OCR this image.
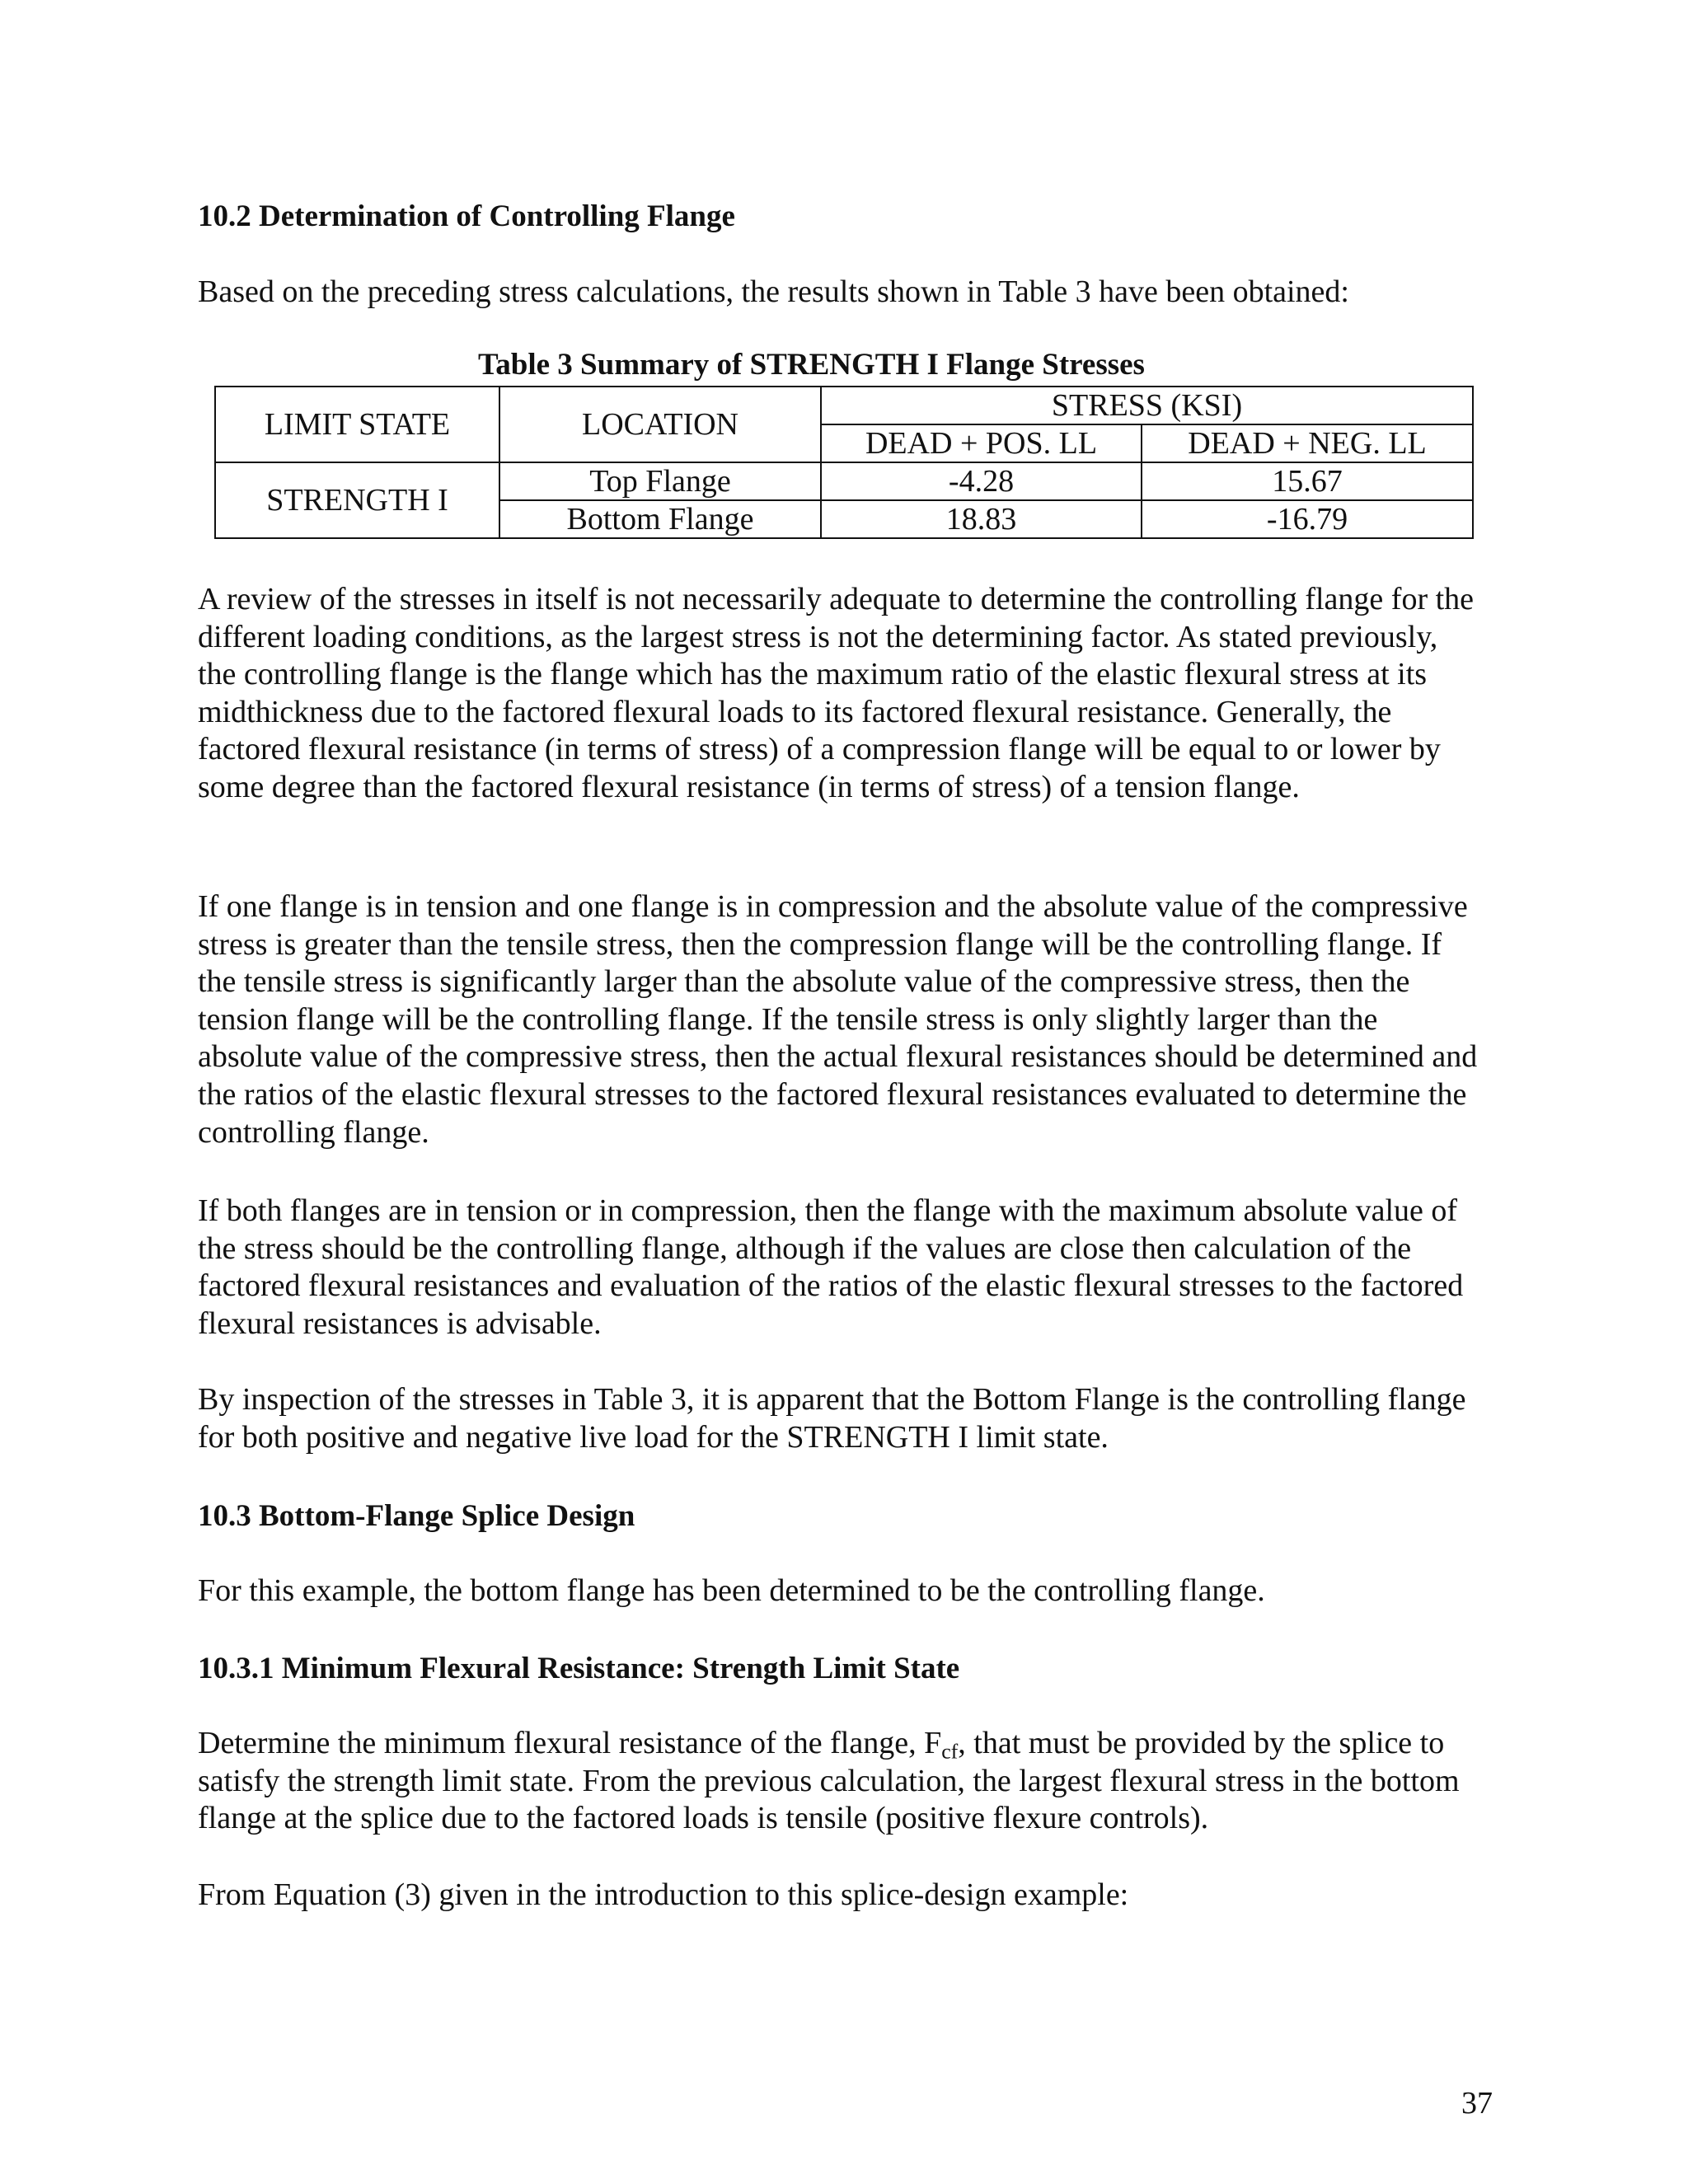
10.2 Determination of Controlling Flange

Based on the preceding stress calculations, the results shown in Table 3 have been obtained:

Table 3 Summary of STRENGTH I Flange Stresses
LIMIT STATE	LOCATION	STRESS (KSI)	
		DEAD + POS. LL	DEAD + NEG. LL
STRENGTH I	Top Flange	-4.28	15.67
	Bottom Flange	18.83	-16.79

A review of the stresses in itself is not necessarily adequate to determine the controlling flange for the different loading conditions, as the largest stress is not the determining factor. As stated previously, the controlling flange is the flange which has the maximum ratio of the elastic flexural stress at its midthickness due to the factored flexural loads to its factored flexural resistance. Generally, the factored flexural resistance (in terms of stress) of a compression flange will be equal to or lower by some degree than the factored flexural resistance (in terms of stress) of a tension flange.

If one flange is in tension and one flange is in compression and the absolute value of the compressive stress is greater than the tensile stress, then the compression flange will be the controlling flange. If the tensile stress is significantly larger than the absolute value of the compressive stress, then the tension flange will be the controlling flange. If the tensile stress is only slightly larger than the absolute value of the compressive stress, then the actual flexural resistances should be determined and the ratios of the elastic flexural stresses to the factored flexural resistances evaluated to determine the controlling flange.

If both flanges are in tension or in compression, then the flange with the maximum absolute value of the stress should be the controlling flange, although if the values are close then calculation of the factored flexural resistances and evaluation of the ratios of the elastic flexural stresses to the factored flexural resistances is advisable.

By inspection of the stresses in Table 3, it is apparent that the Bottom Flange is the controlling flange for both positive and negative live load for the STRENGTH I limit state.

10.3 Bottom-Flange Splice Design

For this example, the bottom flange has been determined to be the controlling flange.

10.3.1 Minimum Flexural Resistance: Strength Limit State

Determine the minimum flexural resistance of the flange, $F_{cf}$, that must be provided by the splice to satisfy the strength limit state. From the previous calculation, the largest flexural stress in the bottom flange at the splice due to the factored loads is tensile (positive flexure controls).

From Equation (3) given in the introduction to this splice-design example:

37
